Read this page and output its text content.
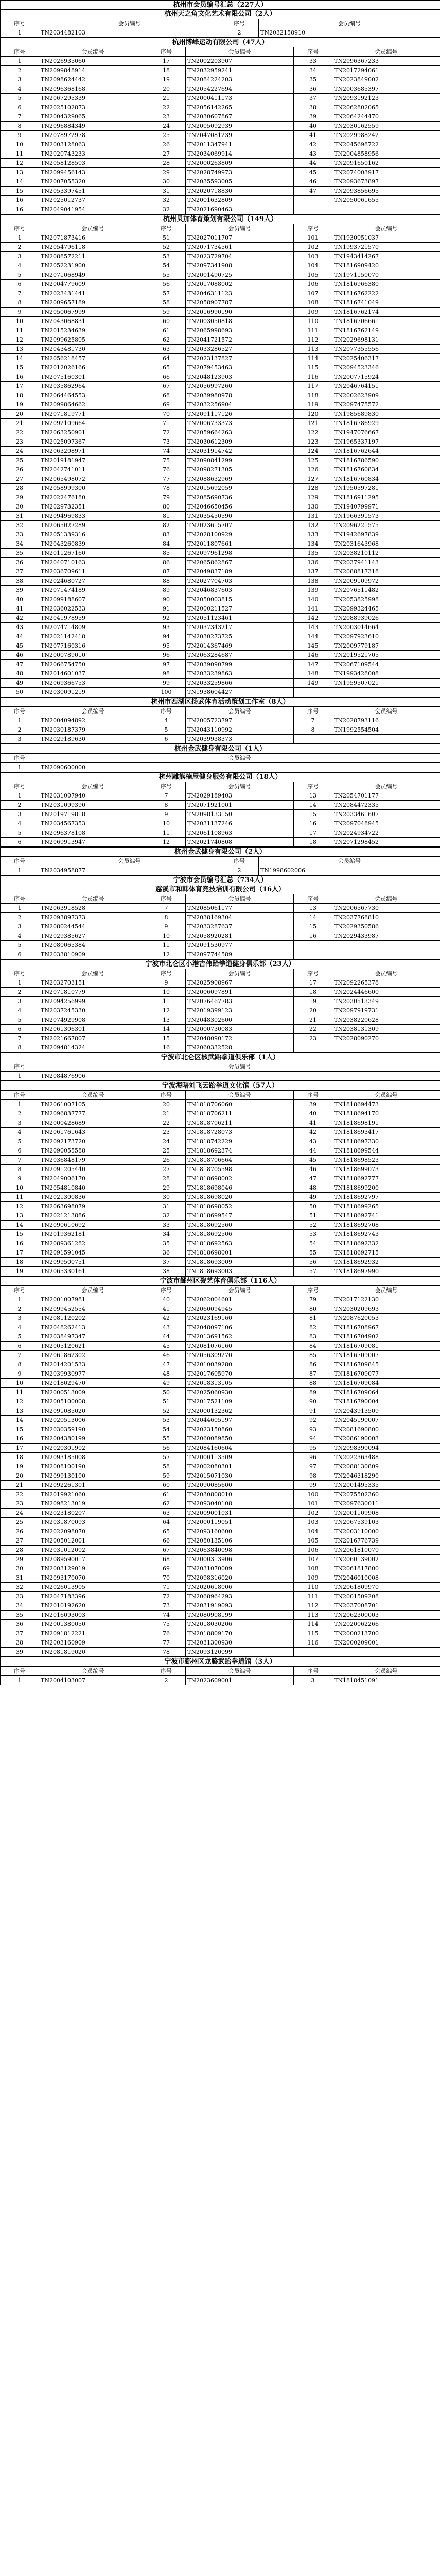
杭州市会员编号汇总（227人）			
杭州天之角文化艺术有限公司（2人）			
序号	会员编号	序号	会员编号
1	TN2034482103	2	TN2032158910
杭州博峰运动有限公司（47人）					
序号	会员编号	序号	会员编号	序号	会员编号
1	TN2026935060	17	TN2002203907	33	TN2096367233
2	TN2099848914	18	TN2032959241	34	TN2017294061
3	TN2098624442	19	TN2084224203	35	TN2023849002
4	TN2096368168	20	TN2054227694	36	TN2003685397
5	TN2067295339	21	TN2000411173	37	TN2093192123
6	TN2025102873	22	TN2056142265	38	TN2062802065
7	TN2004329065	23	TN2030607867	39	TN2064244470
8	TN2096884349	24	TN2005092939	40	TN2030162559
9	TN2078972978	25	TN2047081239	41	TN2029988242
10	TN2003128063	26	TN2011347941	42	TN2045698722
11	TN2020743233	27	TN2034069914	43	TN2004858956
12	TN2058128503	28	TN2000263809	44	TN2091650162
13	TN2099456143	29	TN2028749973	45	TN2074003917
14	TN2007055320	30	TN2035593005	46	TN2093673897
15	TN2053397451	31	TN2020718830	47	TN2093856695
16	TN2025012737	32	TN2001632809		TN2050061655
16	TN2049041954	32	TN2021690463		
杭州贝加体育策划有限公司（149人）					
序号	会员编号	序号	会员编号	序号	会员编号
1	TN2071873416	51	TN2027011707	101	TN1930051037
2	TN2054796118	52	TN2071734561	102	TN1993721570
3	TN2088572211	53	TN2023729704	103	TN1943414267
4	TN2052231900	54	TN2097341908	104	TN1816909420
5	TN2071068949	55	TN2001490725	105	TN1971150070
6	TN2004779609	56	TN2017088002	106	TN1816966380
7	TN2023431441	57	TN2046311123	107	TN1816762222
8	TN2009657189	58	TN2058907787	108	TN1816741049
9	TN2050067999	59	TN2016990190	109	TN1816762174
10	TN2043068831	60	TN2003050818	110	TN1816706661
11	TN2015234639	61	TN2065998693	111	TN1816762149
12	TN2099625805	62	TN2041721572	112	TN2029698131
13	TN2043481730	63	TN2033286527	113	TN2077355556
14	TN2056218457	64	TN2023137827	114	TN2025406317
15	TN2012026166	65	TN2079453463	115	TN2094523346
16	TN2075160301	66	TN2048123903	116	TN2007715924
17	TN2035862964	67	TN2056997260	117	TN2046764151
18	TN2064464553	68	TN2039980978	118	TN2002623909
19	TN2099864662	69	TN2032256904	119	TN2097475572
20	TN2071819771	70	TN2091117126	120	TN1985689830
21	TN2092109664	71	TN2006733373	121	TN1816786929
22	TN2063250901	72	TN2059664263	122	TN1947076667
23	TN2025097367	73	TN2030612309	123	TN1965337197
24	TN2063208971	74	TN2031914742	124	TN1816762644
25	TN2019181947	75	TN2090841299	125	TN1816786590
26	TN2042741011	76	TN2098271305	126	TN1816760834
27	TN2065498072	77	TN2088632969	127	TN1816760834
28	TN2058999300	78	TN2015692059	128	TN1950597281
29	TN2022476180	79	TN2085690736	129	TN1816911295
30	TN2029732351	80	TN2046650456	130	TN1940799971
31	TN2094969833	81	TN2035450590	131	TN1966391573
32	TN2065027289	82	TN2023615707	132	TN2096221575
33	TN2051339316	83	TN2028100929	133	TN1942697839
34	TN2043260839	84	TN2011807661	134	TN2031643968
35	TN2011267160	85	TN2097961298	135	TN2038210112
36	TN2040710163	86	TN2065862867	136	TN2037941143
37	TN2036709611	87	TN2049837189	137	TN2088817318
38	TN2024680727	88	TN2027704703	138	TN2009109972
39	TN2071474189	89	TN2046837603	139	TN2076511482
40	TN2099188607	90	TN2050003815	140	TN2053825998
41	TN2036022533	91	TN2000211527	141	TN2099324465
42	TN2041978959	92	TN2051123461	142	TN2088939026
43	TN2074714809	93	TN2037343217	143	TN2003014664
44	TN2021142418	94	TN2030273725	144	TN2097923610
45	TN2077160316	95	TN2014367469	145	TN2009779187
46	TN2000789010	96	TN2063284687	146	TN2019521705
47	TN2066754750	97	TN2039090799	147	TN2067109544
48	TN2014601037	98	TN2033239863	148	TN1993428008
49	TN2069366753	99	TN2033259866	149	TN1959507021
50	TN2030091219	100	TN1938604427		
杭州市西湖区扬武体育活动策划工作室（8人）					
序号	会员编号	序号	会员编号	序号	会员编号
1	TN2004094892	4	TN2005723797	7	TN2028793116
2	TN2030187379	5	TN2043110992	8	TN1992554504
3	TN2029189630	6	TN2039938373		
杭州金武健身有限公司（1人）	
序号	会员编号
1	TN2090600000
杭州雕熊楠屋健身服务有限公司（18人）					
序号	会员编号	序号	会员编号	序号	会员编号
1	TN2031007940	7	TN2029189403	13	TN2054701177
2	TN2031099390	8	TN2071921001	14	TN2084472335
3	TN2019719818	9	TN2098133150	15	TN2033461607
4	TN2034567353	10	TN2031137246	16	TN2097048945
5	TN2096378108	11	TN2061108963	17	TN2024934722
6	TN2069913947	12	TN2021740808	18	TN2071298452
杭州金武健身有限公司（2人）			
序号	会员编号	序号	会员编号
1	TN2034958877	2	TN1998602006
宁波市会员编号汇总（734人）					
慈溪市和韩体育竞技培训有限公司（16人）					
序号	会员编号	序号	会员编号	序号	会员编号
1	TN2063918528	7	TN2085061177	13	TN2006567730
2	TN2093897373	8	TN2038169304	14	TN2037768810
3	TN2080244544	9	TN2033287637	15	TN2029350586
4	TN2029385627	10	TN2058920281	16	TN2029433987
5	TN2080065384	11	TN2091530977		
6	TN2033810909	12	TN2097744589		
宁波市北仑区小港吉伟跆拳道健身俱乐部（23人）					
序号	会员编号	序号	会员编号	序号	会员编号
1	TN2032703151	9	TN2025908967	17	TN2092265378
2	TN2071810779	10	TN2006097891	18	TN2024446600
3	TN2094256999	11	TN2076467783	19	TN2030513349
4	TN2037245330	12	TN2019399123	20	TN2097919731
5	TN2074929908	13	TN2048302600	21	TN2038220628
6	TN2061306301	14	TN2000730083	22	TN2038131309
7	TN2021667807	15	TN2048090172	23	TN2028090270
8	TN2094814324	16	TN2060332528		
宁波市北仑区核武跆拳道俱乐部（1人）	
序号	会员编号
1	TN2084876906
宁波海曙刘飞云跆拳道文化馆（57人）					
序号	会员编号	序号	会员编号	序号	会员编号
1	TN2061007105	20	TN1818706060	39	TN1818694473
2	TN2096837777	21	TN1818706211	40	TN1818694170
3	TN2000428689	22	TN1818706211	41	TN1818698191
4	TN2061761643	23	TN1818728073	42	TN1818693417
5	TN2092173720	24	TN1818742229	43	TN1818697330
6	TN2090055588	25	TN1818692374	44	TN1818699544
7	TN2036848179	26	TN1818706664	45	TN1818698523
8	TN2091205440	27	TN1818705598	46	TN1818699073
9	TN2049006170	28	TN1818698002	47	TN1818692777
10	TN2054810840	29	TN1818698046	48	TN1818699200
11	TN2021300836	30	TN1818698020	49	TN1818692797
12	TN2063698079	31	TN1818698052	50	TN1818699265
13	TN2021213886	32	TN1818699547	51	TN1818692741
14	TN2090610692	33	TN1818692560	52	TN1818692708
15	TN2019362181	34	TN1818692506	53	TN1818692743
16	TN2089361282	35	TN1818692563	54	TN1818692332
17	TN2091591045	36	TN1818698001	55	TN1818692715
18	TN2099500751	37	TN1818693009	56	TN1818692932
19	TN2065330161	38	TN1818693003	57	TN1818697990
宁波市鄞州区瓷艺体育俱乐部（116人）					
序号	会员编号	序号	会员编号	序号	会员编号
1	TN2001007981	40	TN2062004601	79	TN2017122130
2	TN2099452554	41	TN2060094945	80	TN2030209693
3	TN2081120202	42	TN2023169160	81	TN2087620053
4	TN2048262413	43	TN2048097106	82	TN1816708967
5	TN2038497347	44	TN2013691562	83	TN1816704902
6	TN2005120621	45	TN2081076160	84	TN1816709081
7	TN2061862302	46	TN2056309270	85	TN1816709007
8	TN2014201533	47	TN2010039280	86	TN1816709845
9	TN2039930977	48	TN2017605970	87	TN1816709077
10	TN2018029470	49	TN2018313105	88	TN1816709084
11	TN2000513009	50	TN2025060930	89	TN1816709064
12	TN2005100008	51	TN2017521109	90	TN1816790004
13	TN2091085020	52	TN2000132362	91	TN2043913509
14	TN2020513006	53	TN2044605197	92	TN2045190007
15	TN2030359190	54	TN2023150860	93	TN2081690800
16	TN2004380199	55	TN2060089850	94	TN2086190003
17	TN2020301902	56	TN2084160604	95	TN2098390094
18	TN2093185008	57	TN2000113509	96	TN2022363488
19	TN2008100190	58	TN2002080301	97	TN2088130809
20	TN2099130100	59	TN2015071030	98	TN2046318290
21	TN2092261301	60	TN2090085600	99	TN2001495335
22	TN2019921060	61	TN2030808010	100	TN2075502360
23	TN2098213019	62	TN2093040108	101	TN2097630011
24	TN2023180207	63	TN2009001031	102	TN2001109908
25	TN2031870093	64	TN2000119051	103	TN2067539103
26	TN2022098070	65	TN2093160600	104	TN2003110000
27	TN2005012001	66	TN2080135106	105	TN2016776739
28	TN2031012002	67	TN2063840098	106	TN2061810070
29	TN2089590017	68	TN2000313906	107	TN2060139002
30	TN2003129019	69	TN2031070009	108	TN2061817800
31	TN2093170070	70	TN2098316020	109	TN2046010008
32	TN2026013905	71	TN2020618006	110	TN2061809970
33	TN2047183396	72	TN2068964293	111	TN2001509208
34	TN2010192620	73	TN2031919093	112	TN2037008701
35	TN2016093003	74	TN2080908199	113	TN2062300003
36	TN2001380050	75	TN2018030206	114	TN2020062266
37	TN2091812221	76	TN2018809170	115	TN2000213700
38	TN2003160909	77	TN2031300930	116	TN2000209001
39	TN2081819020	78	TN2093120099		
宁波市鄞州区龙腾武跆拳道馆（3人）					
序号	会员编号	序号	会员编号	序号	会员编号
1	TN2004103007	2	TN2023609001	3	TN1818451091
